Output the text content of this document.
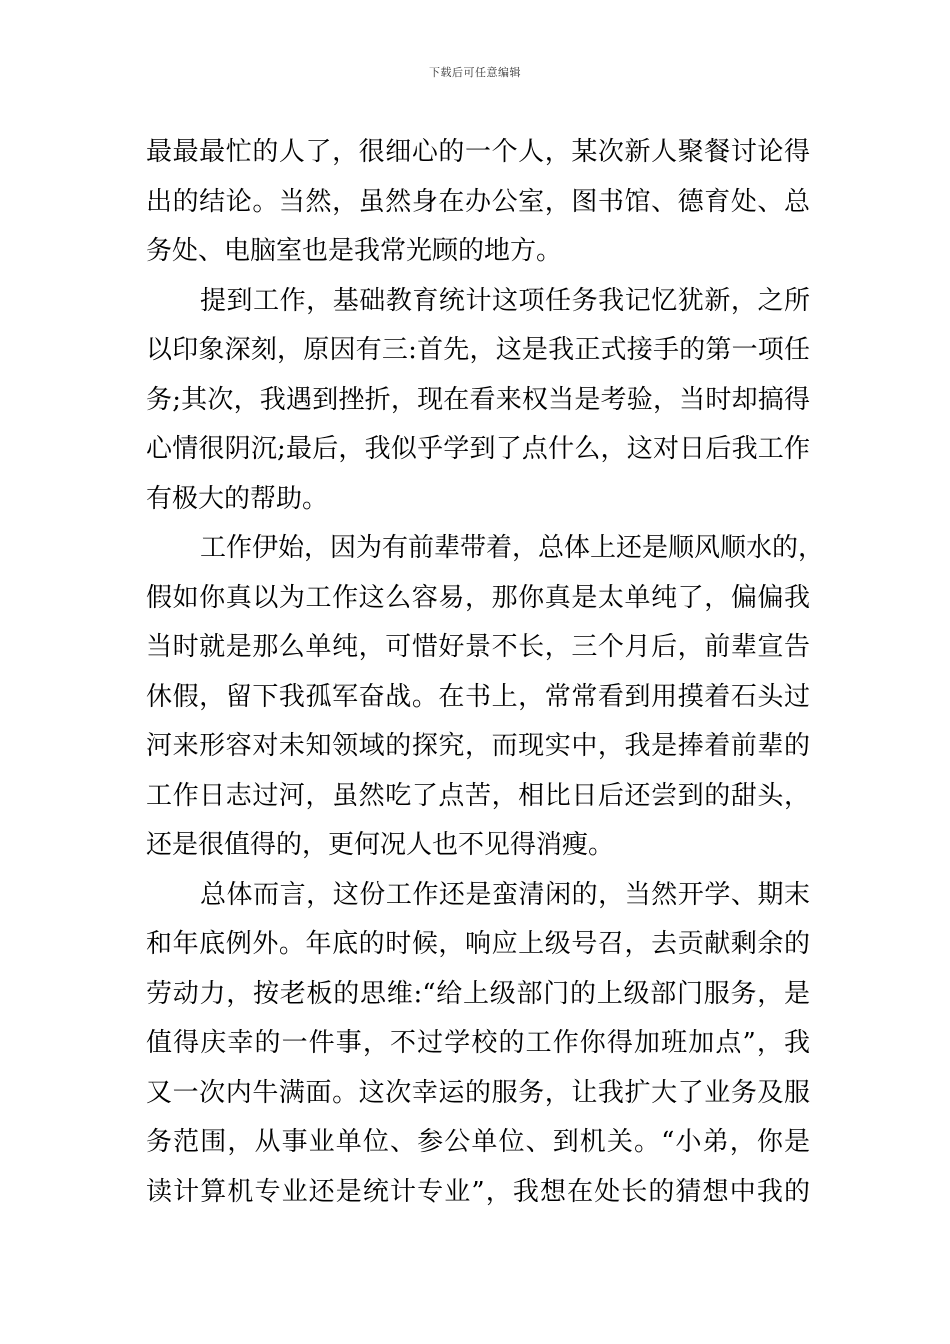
下载后可任意编辑
最最最忙的人了，很细心的一个人，某次新人聚餐讨论得
出的结论。当然，虽然身在办公室，图书馆、德育处、总
务处、电脑室也是我常光顾的地方。
提到工作，基础教育统计这项任务我记忆犹新，之所
以印象深刻，原因有三:首先，这是我正式接手的第一项任
务;其次，我遇到挫折，现在看来权当是考验，当时却搞得
心情很阴沉;最后，我似乎学到了点什么，这对日后我工作
有极大的帮助。
工作伊始，因为有前辈带着，总体上还是顺风顺水的，
假如你真以为工作这么容易，那你真是太单纯了，偏偏我
当时就是那么单纯，可惜好景不长，三个月后，前辈宣告
休假，留下我孤军奋战。在书上，常常看到用摸着石头过
河来形容对未知领域的探究，而现实中，我是捧着前辈的
工作日志过河，虽然吃了点苦，相比日后还尝到的甜头，
还是很值得的，更何况人也不见得消瘦。
总体而言，这份工作还是蛮清闲的，当然开学、期末
和年底例外。年底的时候，响应上级号召，去贡献剩余的
劳动力，按老板的思维:“给上级部门的上级部门服务，是
值得庆幸的一件事，不过学校的工作你得加班加点”，我
又一次内牛满面。这次幸运的服务，让我扩大了业务及服
务范围，从事业单位、参公单位、到机关。“小弟，你是
读计算机专业还是统计专业”，我想在处长的猜想中我的
